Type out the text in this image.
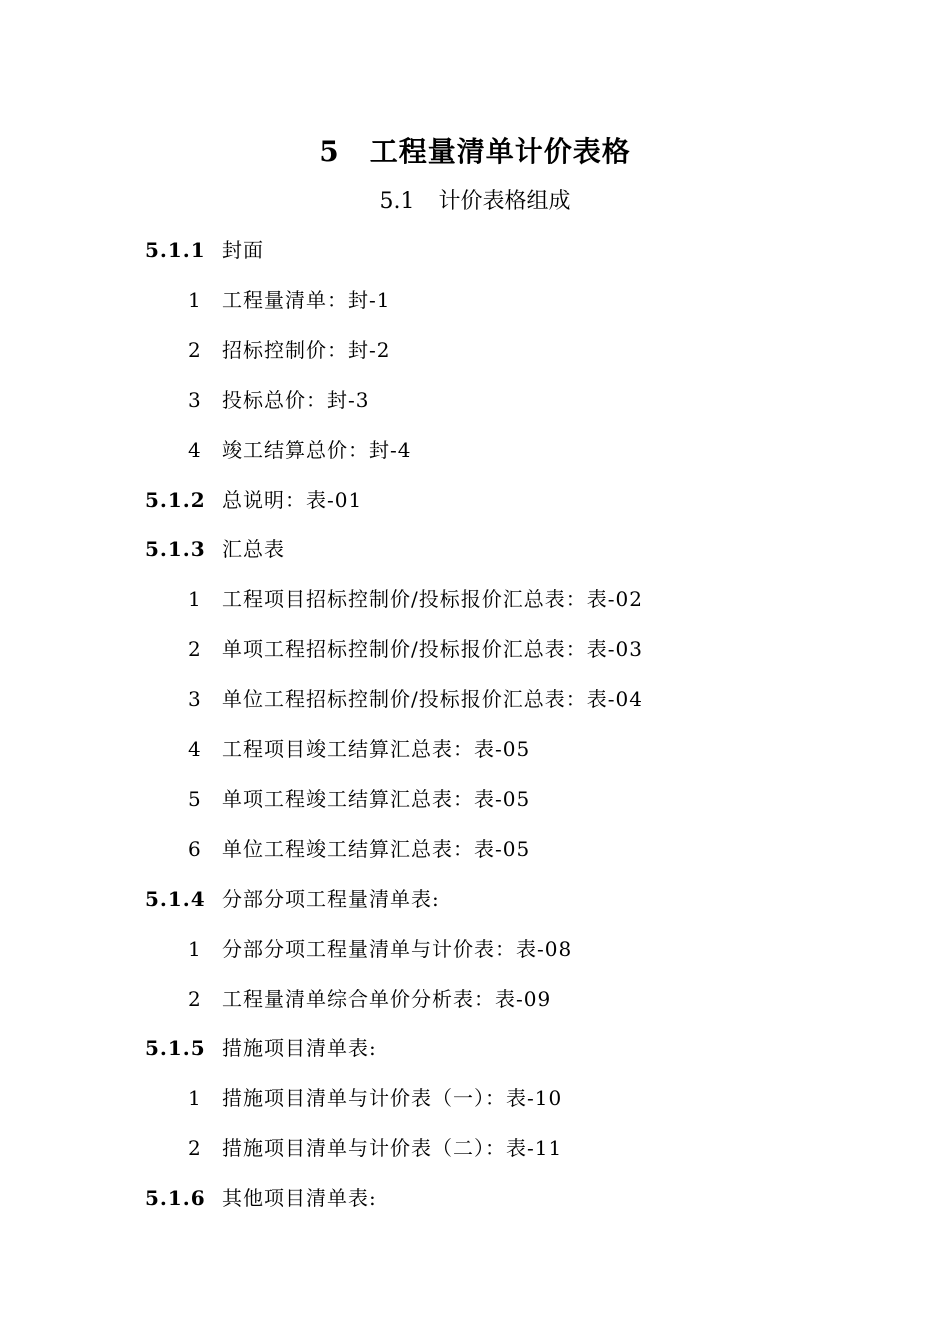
5 工程量清单计价表格
5.1 计价表格组成
5.1.1 封面
1 工程量清单：封-1
2 招标控制价：封-2
3 投标总价：封-3
4 竣工结算总价：封-4
5.1.2 总说明：表-01
5.1.3 汇总表
1 工程项目招标控制价/投标报价汇总表：表-02
2 单项工程招标控制价/投标报价汇总表：表-03
3 单位工程招标控制价/投标报价汇总表：表-04
4 工程项目竣工结算汇总表：表-05
5 单项工程竣工结算汇总表：表-05
6 单位工程竣工结算汇总表：表-05
5.1.4 分部分项工程量清单表:
1 分部分项工程量清单与计价表：表-08
2 工程量清单综合单价分析表：表-09
5.1.5 措施项目清单表:
1 措施项目清单与计价表（一）：表-10
2 措施项目清单与计价表（二）：表-11
5.1.6 其他项目清单表:
